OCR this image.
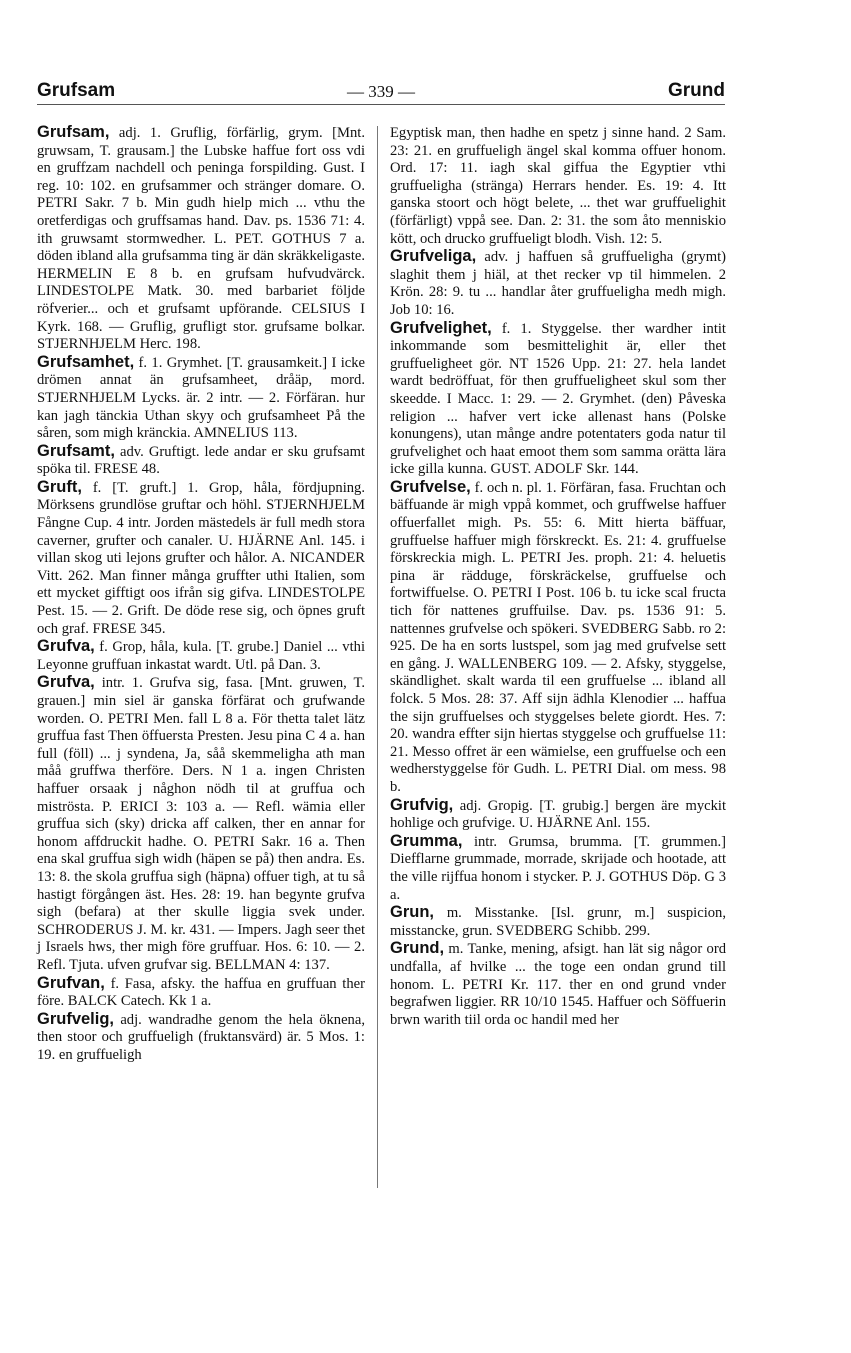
Grufsam	— 339 —	Grund

Grufsam, adj. 1. Gruflig, förfärlig, grym. [Mnt. gruwsam, T. grausam.] the Lubske haffue fort oss vdi en gruffzam nachdell och peninga forspilding. Gust. I reg. 10: 102. en grufsammer och stränger domare. O. PETRI Sakr. 7 b. Min gudh hielp mich ... vthu the oretferdigas och gruffsamas hand. Dav. ps. 1536 71: 4. ith gruwsamt stormwedher. L. PET. GOTHUS 7 a. döden ibland alla grufsamma ting är dän skräkkeligaste. HERMELIN E 8 b. en grufsam hufvudvärck. LINDESTOLPE Matk. 30. med barbariet följde röfverier... och et grufsamt upförande. CELSIUS I Kyrk. 168. — Gruflig, grufligt stor. grufsame bolkar. STJERNHJELM Herc. 198.

Grufsamhet, f. 1. Grymhet. [T. grausamkeit.] I icke drömen annat än grufsamheet, dråäp, mord. STJERNHJELM Lycks. är. 2 intr. — 2. Förfäran. hur kan jagh tänckia Uthan skyy och grufsamheet På the såren, som migh kränckia. AMNELIUS 113.

Grufsamt, adv. Gruftigt. lede andar er sku grufsamt spöka til. FRESE 48.

Gruft, f. [T. gruft.] 1. Grop, håla, fördjupning. Mörksens grundlöse gruftar och höhl. STJERNHJELM Fångne Cup. 4 intr. Jorden mästedels är full medh stora caverner, grufter och canaler. U. HJÄRNE Anl. 145. i villan skog uti lejons grufter och hålor. A. NICANDER Vitt. 262. Man finner många gruffter uthi Italien, som ett mycket gifftigt oos ifrån sig gifva. LINDESTOLPE Pest. 15. — 2. Grift. De döde rese sig, och öpnes gruft och graf. FRESE 345.

Grufva, f. Grop, håla, kula. [T. grube.] Daniel ... vthi Leyonne gruffuan inkastat wardt. Utl. på Dan. 3.

Grufva, intr. 1. Grufva sig, fasa. [Mnt. gruwen, T. grauen.] min siel är ganska förfärat och grufwande worden. O. PETRI Men. fall L 8 a. För thetta talet lätz gruffua fast Then öffuersta Presten. Jesu pina C 4 a. han full (föll) ... j syndena, Ja, såå skemmeligha ath man måå gruffwa therföre. Ders. N 1 a. ingen Christen haffuer orsaak j någhon nödh til at gruffua och miströsta. P. ERICI 3: 103 a. — Refl. wämia eller gruffua sich (sky) dricka aff calken, ther en annar for honom affdruckit hadhe. O. PETRI Sakr. 16 a. Then ena skal gruffua sigh widh (häpen se på) then andra. Es. 13: 8. the skola gruffua sigh (häpna) offuer tigh, at tu så hastigt förgången äst. Hes. 28: 19. han begynte grufva sigh (befara) at ther skulle liggia svek under. SCHRODERUS J. M. kr. 431. — Impers. Jagh seer thet j Israels hws, ther migh före gruffuar. Hos. 6: 10. — 2. Refl. Tjuta. ufven grufvar sig. BELLMAN 4: 137.

Grufvan, f. Fasa, afsky. the haffua en gruffuan ther före. BALCK Catech. Kk 1 a.

Grufvelig, adj. wandradhe genom the hela öknena, then stoor och gruffueligh (fruktansvärd) är. 5 Mos. 1: 19. en gruffueligh

Egyptisk man, then hadhe en spetz j sinne hand. 2 Sam. 23: 21. en gruffueligh ängel skal komma offuer honom. Ord. 17: 11. iagh skal giffua the Egyptier vthi gruffueligha (stränga) Herrars hender. Es. 19: 4. Itt ganska stoort och högt belete, ... thet war gruffuelighit (förfärligt) vppå see. Dan. 2: 31. the som åto menniskio kött, och drucko gruffueligt blodh. Vish. 12: 5.

Grufveliga, adv. j haffuen så gruffueligha (grymt) slaghit them j hiäl, at thet recker vp til himmelen. 2 Krön. 28: 9. tu ... handlar åter gruffueligha medh migh. Job 10: 16.

Grufvelighet, f. 1. Styggelse. ther wardher intit inkommande som besmittelighit är, eller thet gruffueligheet gör. NT 1526 Upp. 21: 27. hela landet wardt bedröffuat, för then gruffueligheet skul som ther skeedde. I Macc. 1: 29. — 2. Grymhet. (den) Påveska religion ... hafver vert icke allenast hans (Polske konungens), utan månge andre potentaters goda natur til grufvelighet och haat emoot them som samma orätta lära icke gilla kunna. GUST. ADOLF Skr. 144.

Grufvelse, f. och n. pl. 1. Förfäran, fasa. Fruchtan och bäffuande är migh vppå kommet, och gruffwelse haffuer offuerfallet migh. Ps. 55: 6. Mitt hierta bäffuar, gruffuelse haffuer migh förskreckt. Es. 21: 4. gruffuelse förskreckia migh. L. PETRI Jes. proph. 21: 4. heluetis pina är rädduge, förskräckelse, gruffuelse och fortwiffuelse. O. PETRI I Post. 106 b. tu icke scal fructa tich för nattenes gruffuilse. Dav. ps. 1536 91: 5. nattennes grufvelse och spökeri. SVEDBERG Sabb. ro 2: 925. De ha en sorts lustspel, som jag med grufvelse sett en gång. J. WALLENBERG 109. — 2. Afsky, styggelse, skändlighet. skalt warda til een gruffuelse ... ibland all folck. 5 Mos. 28: 37. Aff sijn ädhla Klenodier ... haffua the sijn gruffuelses och styggelses belete giordt. Hes. 7: 20. wandra effter sijn hiertas styggelse och gruffuelse 11: 21. Messo offret är een wämielse, een gruffuelse och een wedherstyggelse för Gudh. L. PETRI Dial. om mess. 98 b.

Grufvig, adj. Gropig. [T. grubig.] bergen äre myckit hohlige och grufvige. U. HJÄRNE Anl. 155.

Grumma, intr. Grumsa, brumma. [T. grummen.] Diefflarne grummade, morrade, skrijade och hootade, att the ville rijffua honom i stycker. P. J. GOTHUS Döp. G 3 a.

Grun, m. Misstanke. [Isl. grunr, m.] suspicion, misstancke, grun. SVEDBERG Schibb. 299.

Grund, m. Tanke, mening, afsigt. han lät sig någor ord undfalla, af hvilke ... the toge een ondan grund till honom. L. PETRI Kr. 117. ther en ond grund vnder begrafwen liggier. RR 10/10 1545. Haffuer och Söffuerin brwn warith tiil orda oc handil med her
